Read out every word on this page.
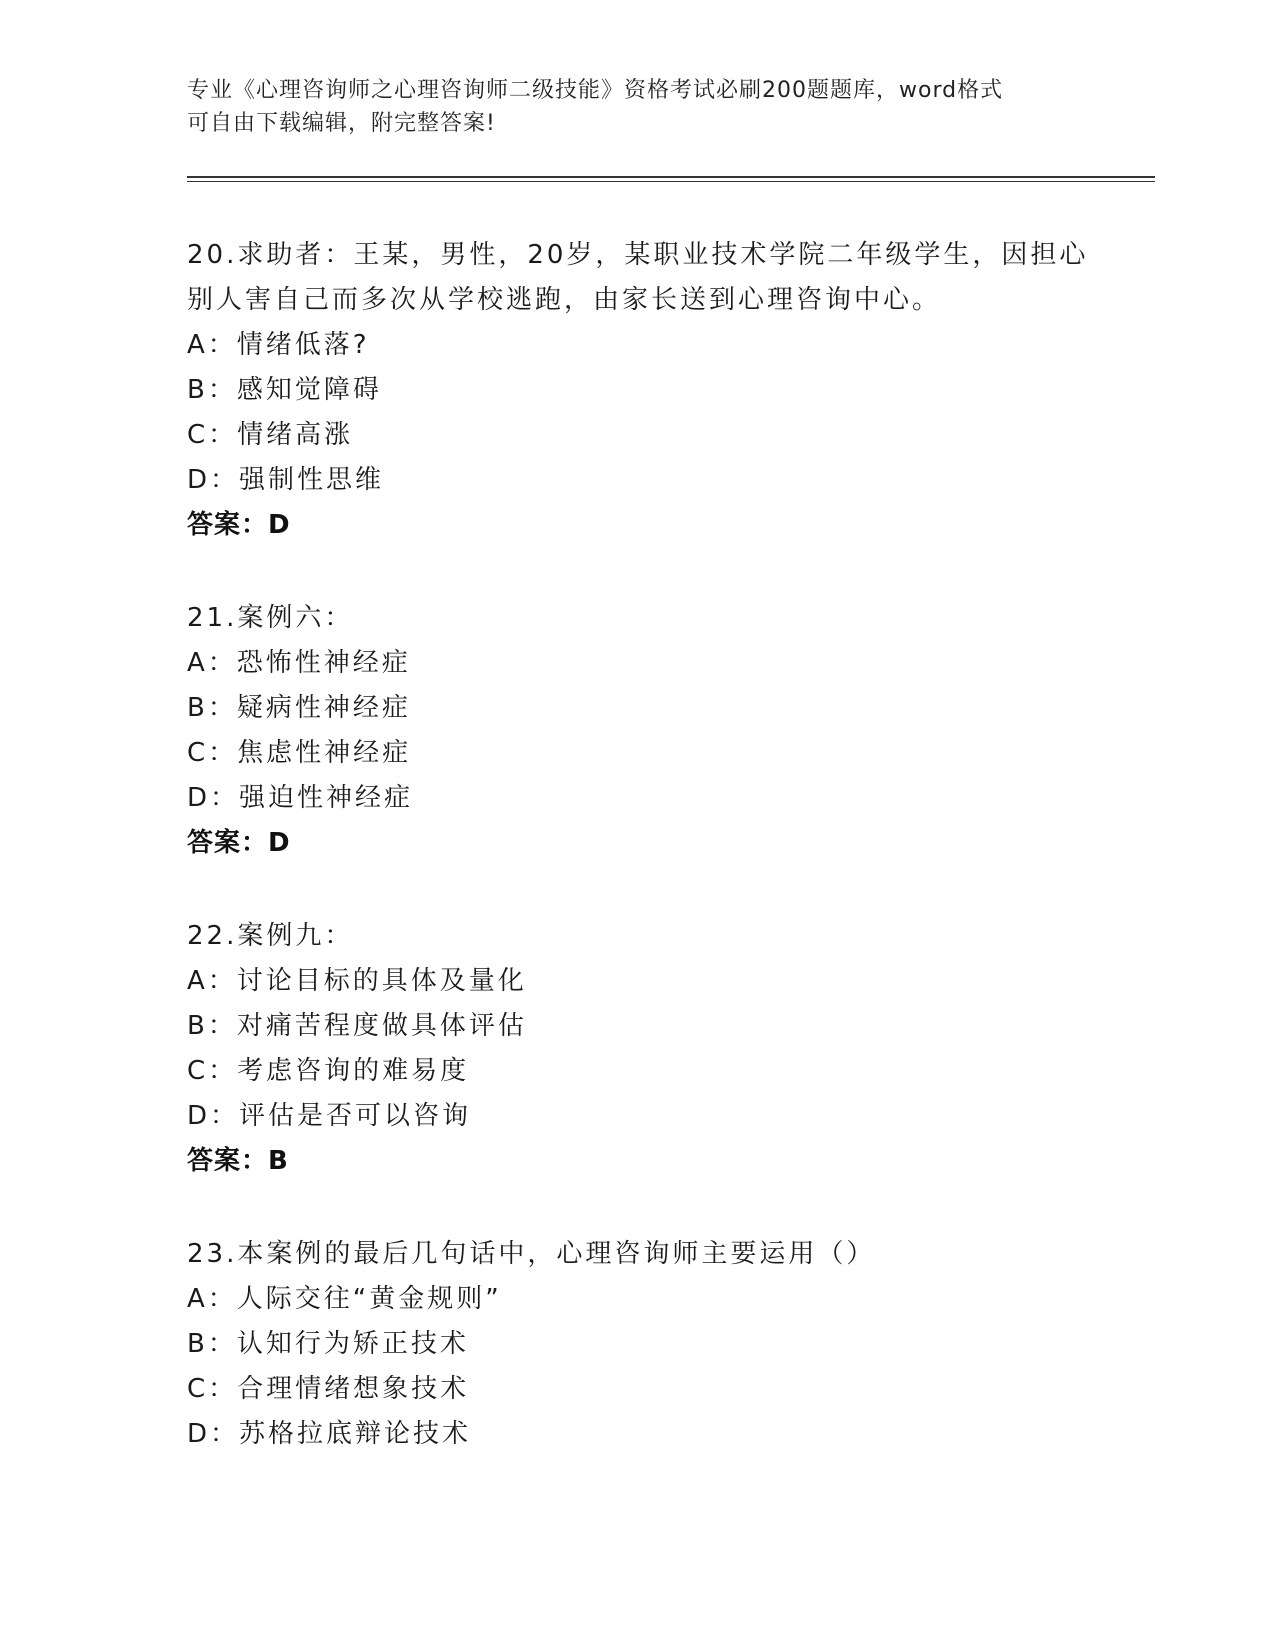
专业《心理咨询师之心理咨询师二级技能》资格考试必刷200题题库，word格式
可自由下载编辑，附完整答案!
20.求助者：王某，男性，20岁，某职业技术学院二年级学生，因担心别人害自己而多次从学校逃跑，由家长送到心理咨询中心。
A：情绪低落?
B：感知觉障碍
C：情绪高涨
D：强制性思维
答案：D
21.案例六：
A：恐怖性神经症
B：疑病性神经症
C：焦虑性神经症
D：强迫性神经症
答案：D
22.案例九：
A：讨论目标的具体及量化
B：对痛苦程度做具体评估
C：考虑咨询的难易度
D：评估是否可以咨询
答案：B
23.本案例的最后几句话中，心理咨询师主要运用（）
A：人际交往“黄金规则”
B：认知行为矫正技术
C：合理情绪想象技术
D：苏格拉底辩论技术
